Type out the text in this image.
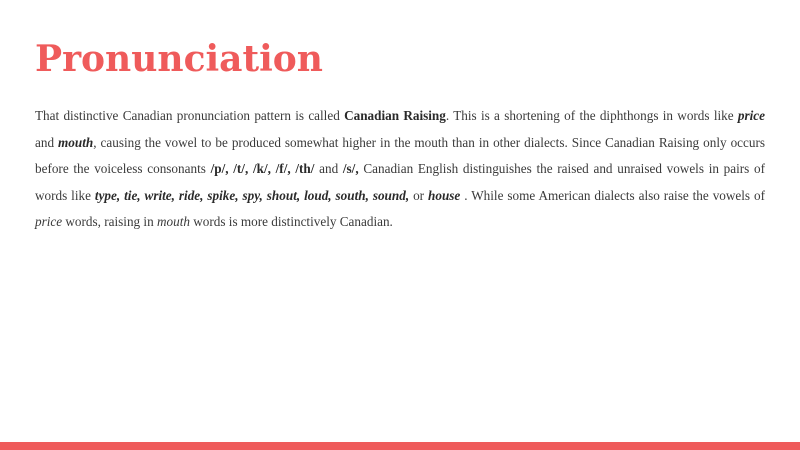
Pronunciation

That distinctive Canadian pronunciation pattern is called Canadian Raising. This is a shortening of the diphthongs in words like price and mouth, causing the vowel to be produced somewhat higher in the mouth than in other dialects. Since Canadian Raising only occurs before the voiceless consonants /p/, /t/, /k/, /f/, /th/ and /s/, Canadian English distinguishes the raised and unraised vowels in pairs of words like type, tie, write, ride, spike, spy, shout, loud, south, sound, or house . While some American dialects also raise the vowels of price words, raising in mouth words is more distinctively Canadian.
